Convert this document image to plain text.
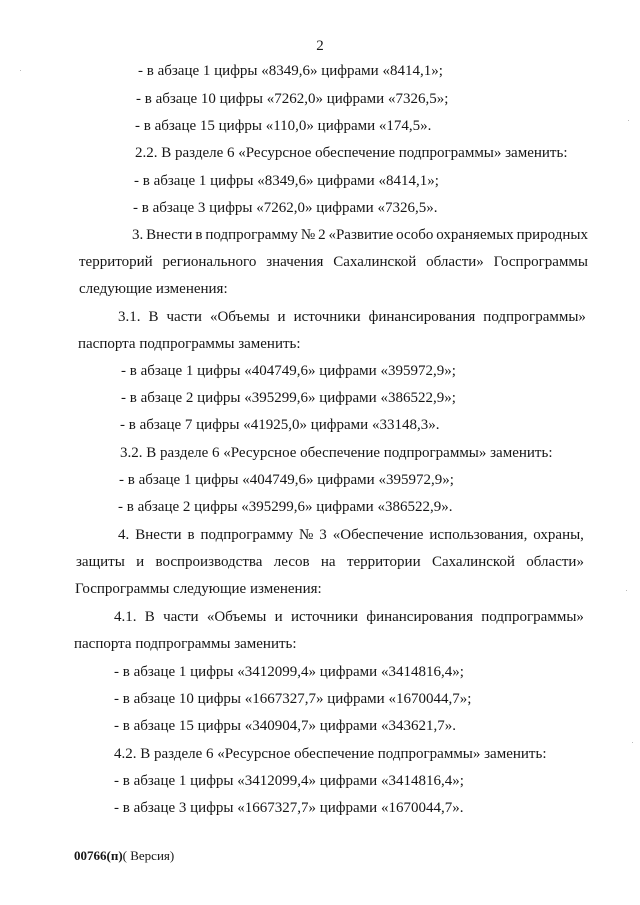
2
- в абзаце 1 цифры «8349,6» цифрами «8414,1»;
- в абзаце 10 цифры «7262,0» цифрами «7326,5»;
- в абзаце 15 цифры «110,0» цифрами «174,5».
2.2. В разделе 6 «Ресурсное обеспечение подпрограммы» заменить:
- в абзаце 1 цифры «8349,6» цифрами «8414,1»;
- в абзаце 3 цифры «7262,0» цифрами «7326,5».
3. Внести в подпрограмму № 2 «Развитие особо охраняемых природных
территорий регионального значения Сахалинской области» Госпрограммы
следующие изменения:
3.1. В части «Объемы и источники финансирования подпрограммы»
паспорта подпрограммы заменить:
- в абзаце 1 цифры «404749,6» цифрами «395972,9»;
- в абзаце 2 цифры «395299,6» цифрами «386522,9»;
- в абзаце 7 цифры «41925,0» цифрами «33148,3».
3.2. В разделе 6 «Ресурсное обеспечение подпрограммы» заменить:
- в абзаце 1 цифры «404749,6» цифрами «395972,9»;
- в абзаце 2 цифры «395299,6» цифрами «386522,9».
4. Внести в подпрограмму № 3 «Обеспечение использования, охраны,
защиты и воспроизводства лесов на территории Сахалинской области»
Госпрограммы следующие изменения:
4.1. В части «Объемы и источники финансирования подпрограммы»
паспорта подпрограммы заменить:
- в абзаце 1 цифры «3412099,4» цифрами «3414816,4»;
- в абзаце 10 цифры «1667327,7» цифрами «1670044,7»;
- в абзаце 15 цифры «340904,7» цифрами «343621,7».
4.2. В разделе 6 «Ресурсное обеспечение подпрограммы» заменить:
- в абзаце 1 цифры «3412099,4» цифрами «3414816,4»;
- в абзаце 3 цифры «1667327,7» цифрами «1670044,7».
00766(п)( Версия)
